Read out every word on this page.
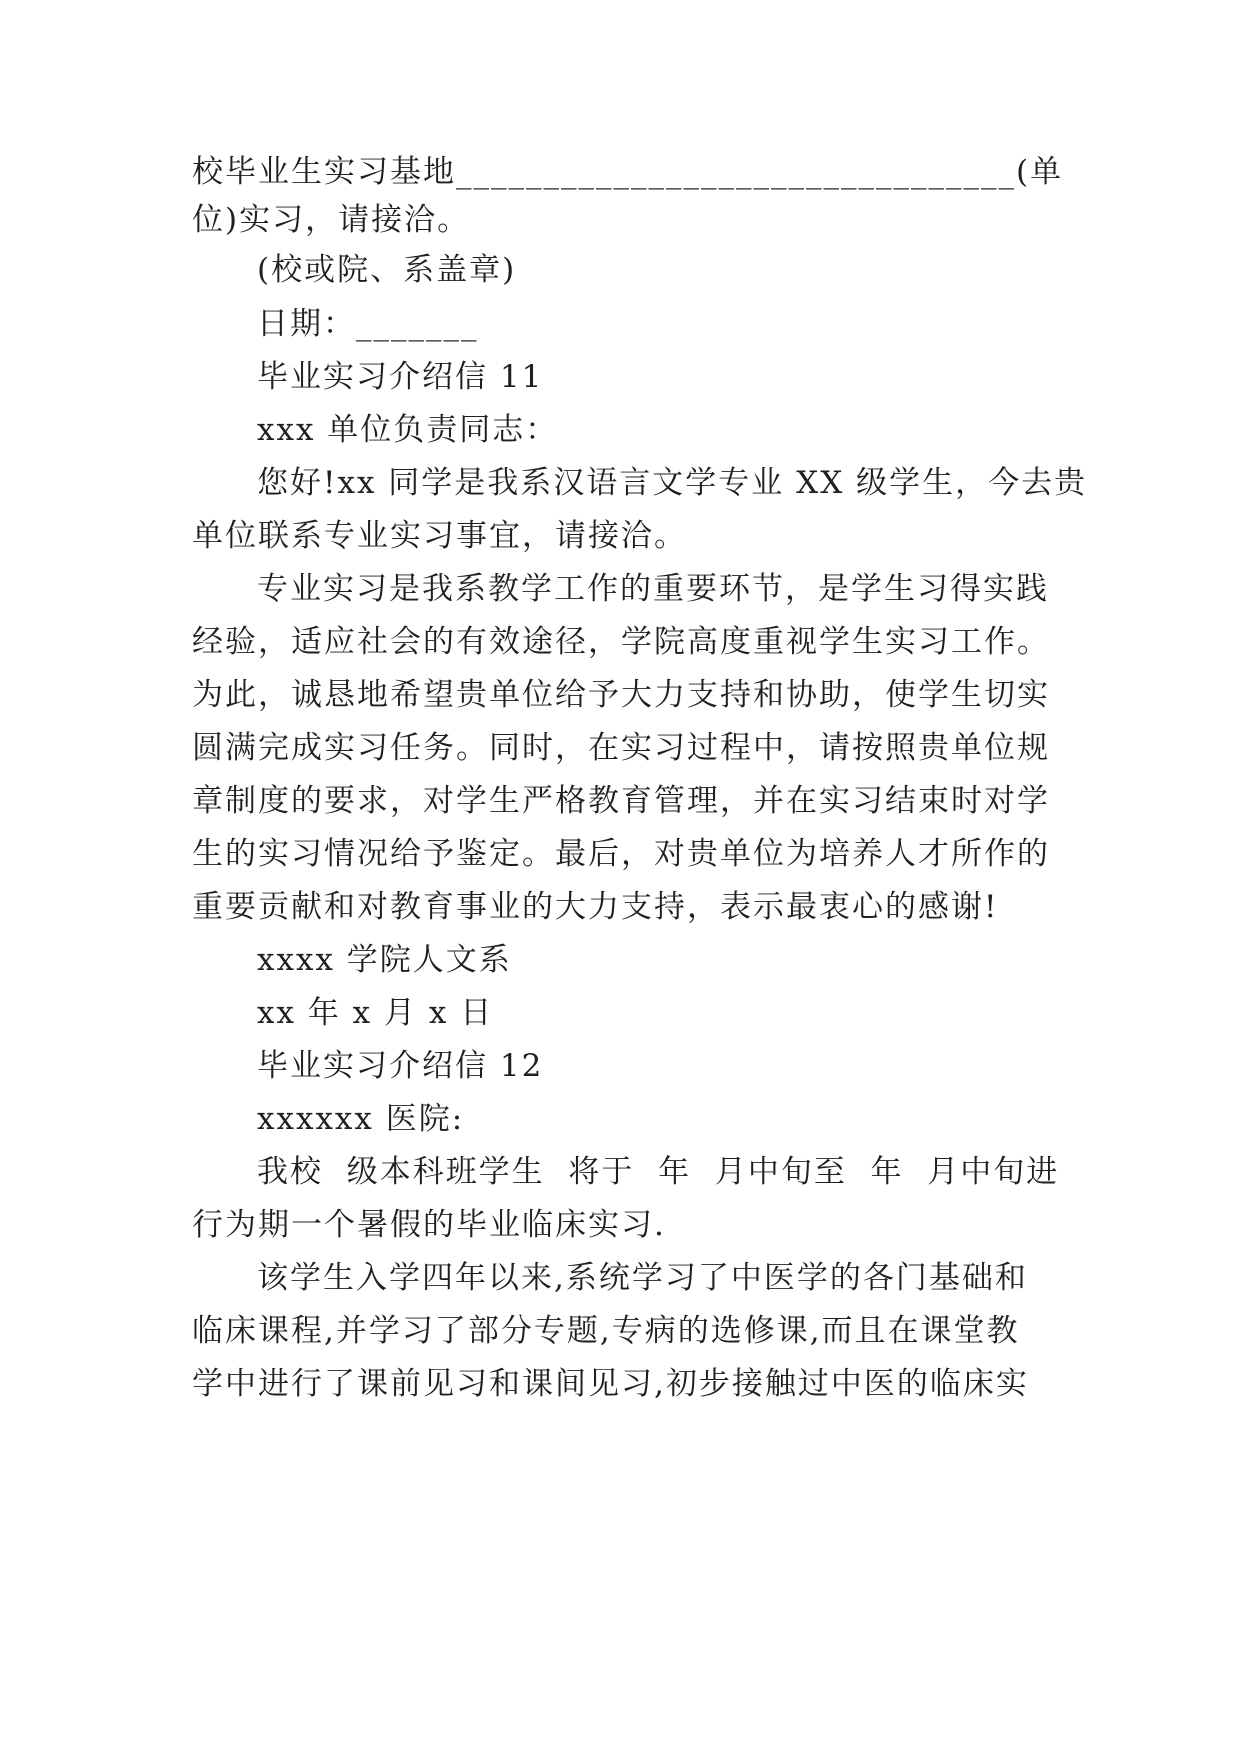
校毕业生实习基地________________________________(单
位)实习，请接洽。
(校或院、系盖章)
日期：_______
毕业实习介绍信 11
xxx 单位负责同志：
您好!xx 同学是我系汉语言文学专业 XX 级学生，今去贵
单位联系专业实习事宜，请接洽。
专业实习是我系教学工作的重要环节，是学生习得实践
经验，适应社会的有效途径，学院高度重视学生实习工作。
为此，诚恳地希望贵单位给予大力支持和协助，使学生切实
圆满完成实习任务。同时，在实习过程中，请按照贵单位规
章制度的要求，对学生严格教育管理，并在实习结束时对学
生的实习情况给予鉴定。最后，对贵单位为培养人才所作的
重要贡献和对教育事业的大力支持，表示最衷心的感谢!
xxxx 学院人文系
xx 年 x 月 x 日
毕业实习介绍信 12
xxxxxx 医院:
我校  级本科班学生  将于  年  月中旬至  年  月中旬进
行为期一个暑假的毕业临床实习.
该学生入学四年以来,系统学习了中医学的各门基础和
临床课程,并学习了部分专题,专病的选修课,而且在课堂教
学中进行了课前见习和课间见习,初步接触过中医的临床实
